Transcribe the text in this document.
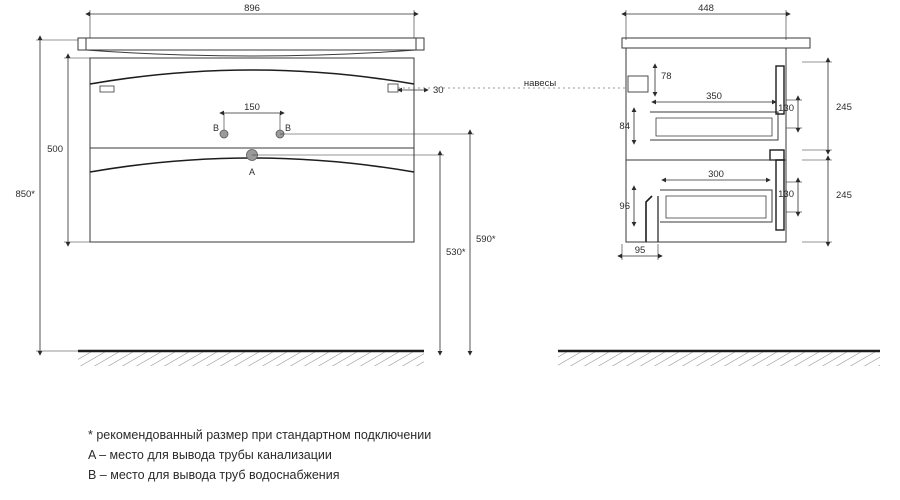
896
150
B	B
A
30
500
850*
590*
530*
навесы
448
78
350
84
130	245
300
96
130	245
95
* рекомендованный размер при стандартном подключении
A – место для вывода трубы канализации
B – место для вывода труб водоснабжения
